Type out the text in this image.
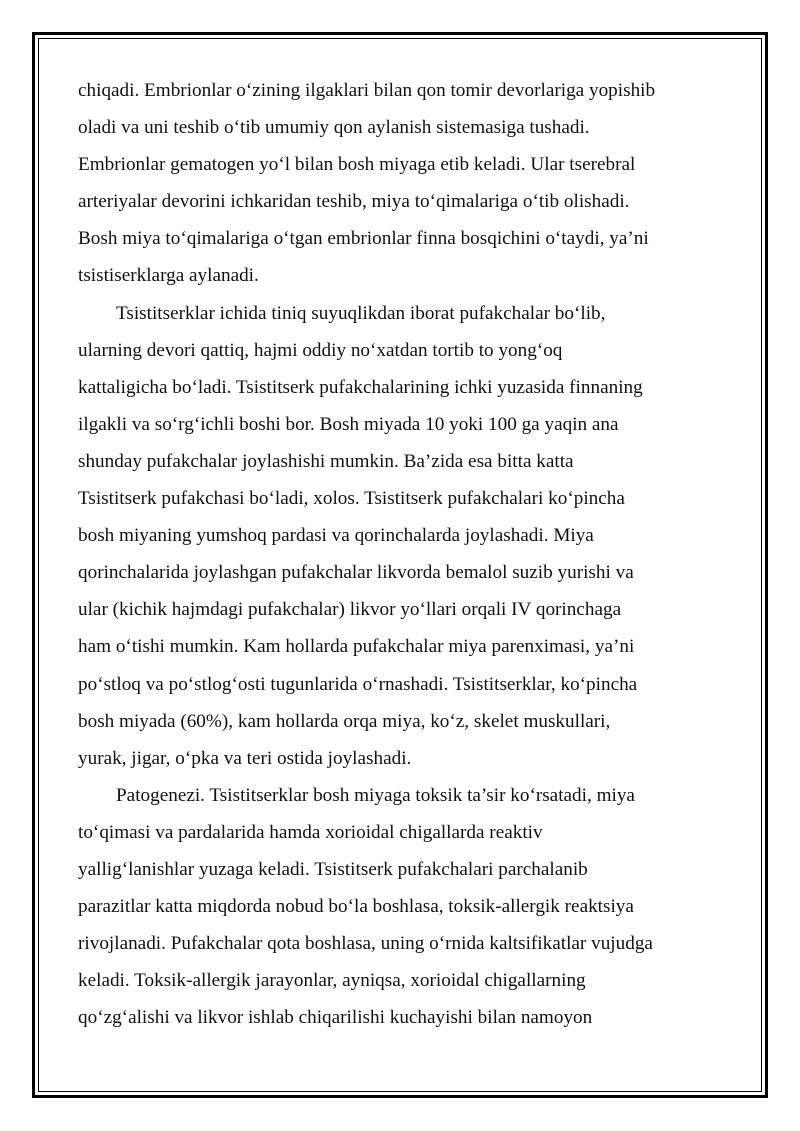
chiqadi. Embrionlar o‘zining ilgaklari bilan qon tomir devorlariga yopishib
oladi va uni teshib o‘tib umumiy qon aylanish sistemasiga tushadi.
Embrionlar gematogen yo‘l bilan bosh miyaga etib keladi. Ular tserebral
arteriyalar devorini ichkaridan teshib, miya to‘qimalariga o‘tib olishadi.
Bosh miya to‘qimalariga o‘tgan embrionlar finna bosqichini o‘taydi, ya’ni
tsistiserklarga aylanadi.
Tsistitserklar ichida tiniq suyuqlikdan iborat pufakchalar bo‘lib,
ularning devori qattiq, hajmi oddiy no‘xatdan tortib to yong‘oq
kattaligicha bo‘ladi. Tsistitserk pufakchalarining ichki yuzasida finnaning
ilgakli va so‘rg‘ichli boshi bor. Bosh miyada 10 yoki 100 ga yaqin ana
shunday pufakchalar joylashishi mumkin. Ba’zida esa bitta katta
Tsistitserk pufakchasi bo‘ladi, xolos. Tsistitserk pufakchalari ko‘pincha
bosh miyaning yumshoq pardasi va qorinchalarda joylashadi. Miya
qorinchalarida joylashgan pufakchalar likvorda bemalol suzib yurishi va
ular (kichik hajmdagi pufakchalar) likvor yo‘llari orqali IV qorinchaga
ham o‘tishi mumkin. Kam hollarda pufakchalar miya parenximasi, ya’ni
po‘stloq va po‘stlog‘osti tugunlarida o‘rnashadi. Tsistitserklar, ko‘pincha
bosh miyada (60%), kam hollarda orqa miya, ko‘z, skelet muskullari,
yurak, jigar, o‘pka va teri ostida joylashadi.
Patogenezi. Tsistitserklar bosh miyaga toksik ta’sir ko‘rsatadi, miya
to‘qimasi va pardalarida hamda xorioidal chigallarda reaktiv
yallig‘lanishlar yuzaga keladi. Tsistitserk pufakchalari parchalanib
parazitlar katta miqdorda nobud bo‘la boshlasa, toksik-allergik reaktsiya
rivojlanadi. Pufakchalar qota boshlasa, uning o‘rnida kaltsifikatlar vujudga
keladi. Toksik-allergik jarayonlar, ayniqsa, xorioidal chigallarning
qo‘zg‘alishi va likvor ishlab chiqarilishi kuchayishi bilan namoyon
